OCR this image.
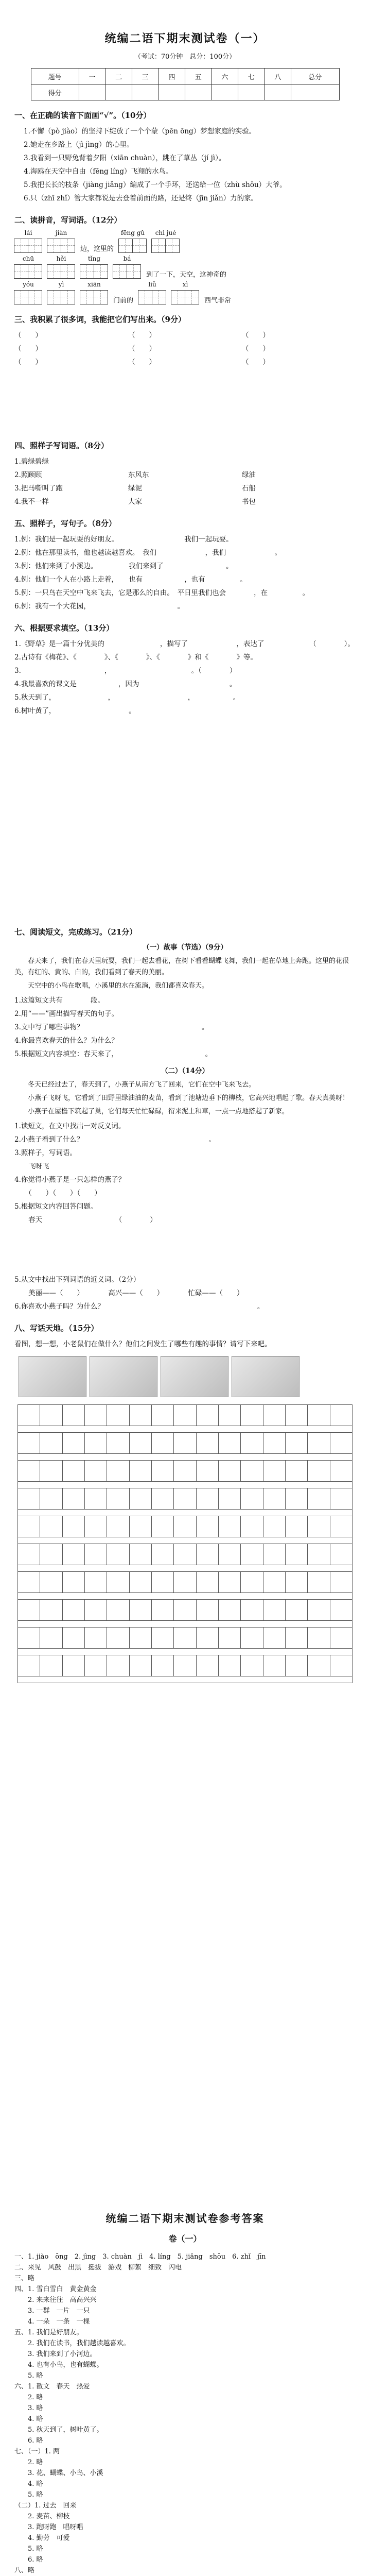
统编二语下期末测试卷（一）
（考试：70分钟　总分：100分）
题号	一	二	三	四	五	六	七	八	总分
得分									
一、在正确的读音下面画“√”。（10分）
1.不懈（pò jiào）的坚持下绽放了一个个蒙（pēn ōng）梦想家庭的实验。
2.她走在乡路上（jì jìng）的心里。
3.我看到一只野兔背着夕阳（xiān chuàn），跳在了草丛（jí jì）。
4.海鸥在天空中自由（fēng líng）飞翔的水鸟。
5.我把长长的枝条（jiàng jiǎng）编成了一个手环，还送给一位（zhù shōu）大爷。
6.只（zhī zhǐ）管大家都说是去登着前面的路，还是终（jīn jiǎn）力的家。
二、读拼音，写词语。（12分）
lái	jiàn
边，这里的
fēng gǔ chì jué
chū	hěi	tǐng	bá
到了一下，天空，这神奇的
yóu	yì	xiān
门前的
liǔ	xì
西气非常
三、我积累了很多词，我能把它们写出来。（9分）
（　　）	（　　）	（　　）
（　　）	（　　）	（　　）
（　　）	（　　）	（　　）
四、照样子写词语。（8分）
1.碧绿碧绿
2.照顾顾	东风东	绿油
3.把马嘶叫了跑	绿泥	石船
4.我不一样	大家	书包
五、照样子，写句子。（8分）
1.例：我们是一起玩耍的好朋友。　　　　　　　　　　我们一起玩耍。
2.例：他在那里读书，他也越读越喜欢。　我们　　　　　　　，我们　　　　　　　。
3.例：他们来到了小溪边。　　　　　我们来到了　　　　　　　　　。
4.例：他们一个人在小路上走着，　　也有　　　　　　，也有　　　　　。
5.例：一只鸟在天空中飞来飞去，它是那么的自由。　平日里我们也会　　　　，在　　　　　。
6.例：我有一个大花园，　　　　　　　　　　　　　。
六、根据要求填空。（13分）
1.《野草》是一篇十分优美的　　　　　　　　，描写了　　　　　　　，表达了　　　　　　　（　　　　）。
2.古诗有《梅花》、《　　　　》、《　　　　》、《　　　　》和《　　　　》等。
3.　　　　　　　　　　　　，　　　　　　　　　　　　。（　　　　）
4.我最喜欢的课文是　　　　　　，因为　　　　　　　　　　　　　。
5.秋天到了，　　　　　　　　，　　　　　　　　　　　，　　　　　　。
6.树叶黄了，　　　　　　　　　　　。
七、阅读短文，完成练习。（21分）
（一）故事（节选）（9分）

春天来了，我们在春天里玩耍，我们一起去看花，在树下看看蝴蝶飞舞，我们一起在草地上奔跑。这里的花很美，有红的、黄的、白的，我们看到了春天的美丽。

天空中的小鸟在歌唱，小溪里的水在流淌，我们都喜欢春天。

1.这篇短文共有　　　　段。
2.用“——”画出描写春天的句子。
3.文中写了哪些事物？　　　　　　　　　　　　　　　　　。
4.你最喜欢春天的什么？为什么？
5.根据短文内容填空：春天来了，　　　　　　　　　　　　　。
（二）（14分）

冬天已经过去了，春天到了，小燕子从南方飞了回来，它们在空中飞来飞去。

小燕子飞呀飞，它看到了田野里绿油油的麦苗，看到了池塘边垂下的柳枝，它高兴地唱起了歌。春天真美呀！

小燕子在屋檐下筑起了巢，它们每天忙忙碌碌，衔来泥土和草，一点一点地搭起了新家。

1.读短文，在文中找出一对反义词。
2.小燕子看到了什么？　　　　　　　　　　　　　　　　　　。
3.照样子，写词语。
　　飞呀飞　　　　　　　　　　　　　　　　
4.你觉得小燕子是一只怎样的燕子？
　　（　　）（　　）（　　）
5.根据短文内容回答问题。
　　春天　　　　　　　　　　　（　　　　）
5.从文中找出下列词语的近义词。（2分）
　　美丽——（　　）　　　　高兴——（　　）　　　　忙碌——（　　）
6.你喜欢小燕子吗？为什么？　　　　　　　　　　　　　　　　　　　　　　。
八、写话天地。（15分）
看图，想一想，小老鼠们在做什么？他们之间发生了哪些有趣的事情？请写下来吧。
统编二语下期末测试卷参考答案
卷（一）
一、1. jiào　ōng　2. jìng　3. chuàn　jì　4. líng　5. jiǎng　shōu　6. zhǐ　jīn
二、来见　风鼓　出黑　挺拔　游戏　柳絮　细致　闪电
三、略
四、1. 雪白雪白　黄金黄金
　　2. 来来往往　高高兴兴
　　3. 一群　一片　一只
　　4. 一朵　一条　一棵
五、1. 我们是好朋友。
　　2. 我们在读书，我们越读越喜欢。
　　3. 我们来到了小河边。
　　4. 也有小鸟，也有蝴蝶。
　　5. 略
六、1. 散文　春天　热爱
　　2. 略
　　3. 略
　　4. 略
　　5. 秋天到了，树叶黄了。
　　6. 略
七、（一）1. 两
　　2. 略
　　3. 花、蝴蝶、小鸟、小溪
　　4. 略
　　5. 略
（二）1. 过去　回来
　　2. 麦苗、柳枝
　　3. 跑呀跑　唱呀唱
　　4. 勤劳　可爱
　　5. 略
　　6. 略
八、略
